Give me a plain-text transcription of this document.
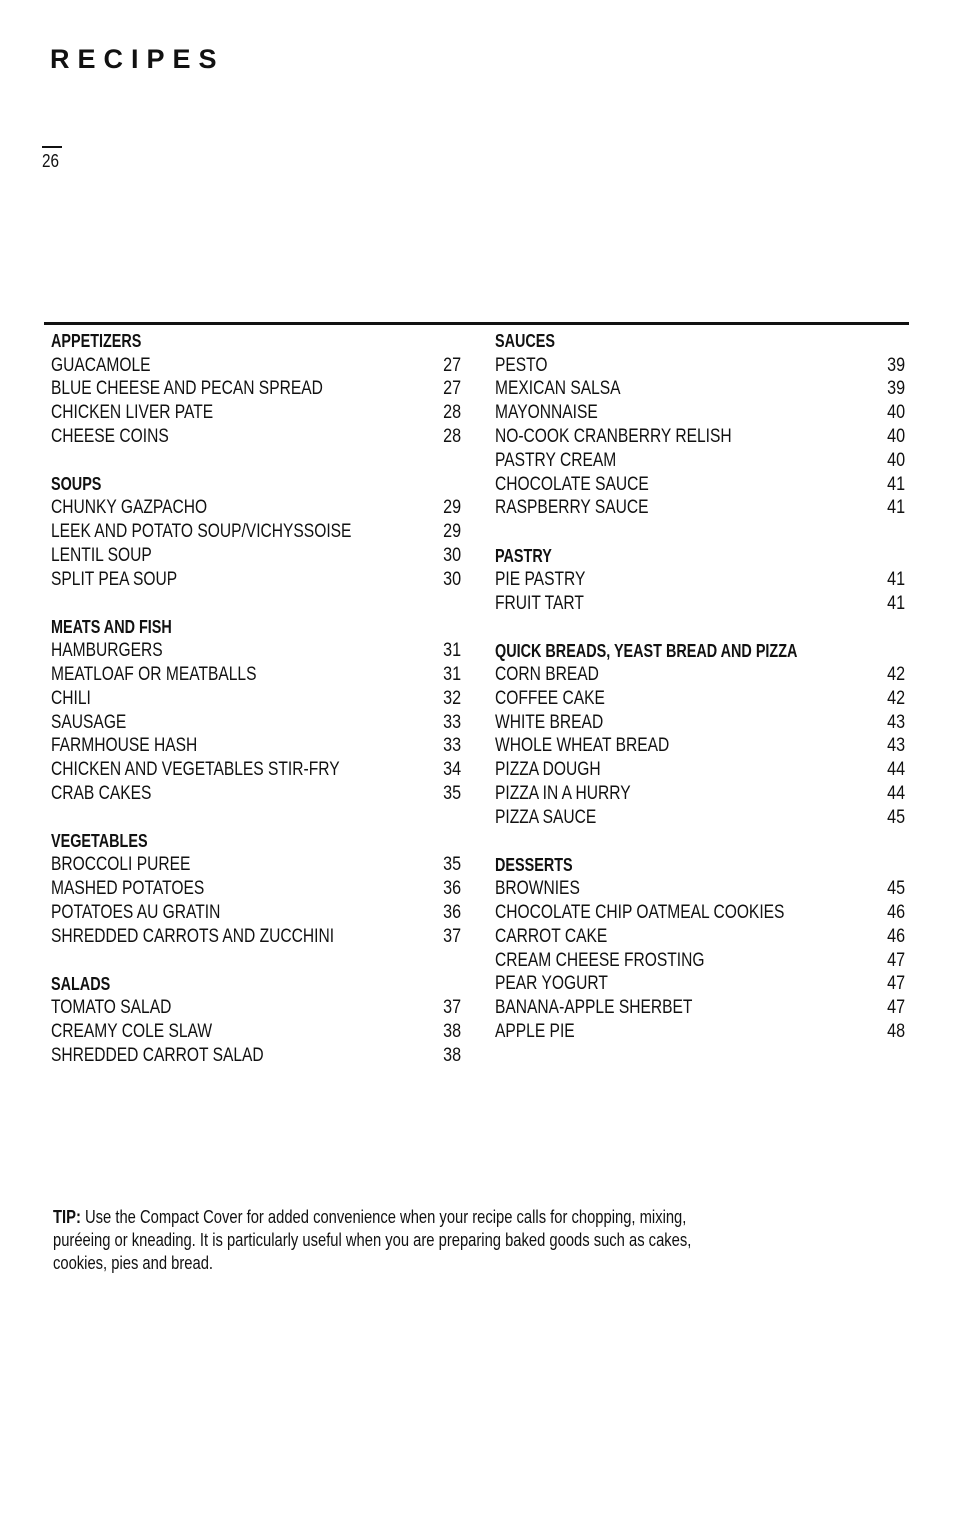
RECIPES
26
APPETIZERS
GUACAMOLE	27
BLUE CHEESE AND PECAN SPREAD	27
CHICKEN LIVER PATE	28
CHEESE COINS	28
SOUPS
CHUNKY GAZPACHO	29
LEEK AND POTATO SOUP/VICHYSSOISE	29
LENTIL SOUP	30
SPLIT PEA SOUP	30
MEATS AND FISH
HAMBURGERS	31
MEATLOAF OR MEATBALLS	31
CHILI	32
SAUSAGE	33
FARMHOUSE HASH	33
CHICKEN AND VEGETABLES STIR-FRY	34
CRAB CAKES	35
VEGETABLES
BROCCOLI PUREE	35
MASHED POTATOES	36
POTATOES AU GRATIN	36
SHREDDED CARROTS AND ZUCCHINI	37
SALADS
TOMATO SALAD	37
CREAMY COLE SLAW	38
SHREDDED CARROT SALAD	38
SAUCES
PESTO	39
MEXICAN SALSA	39
MAYONNAISE	40
NO-COOK CRANBERRY RELISH	40
PASTRY CREAM	40
CHOCOLATE SAUCE	41
RASPBERRY SAUCE	41
PASTRY
PIE PASTRY	41
FRUIT TART	41
QUICK BREADS, YEAST BREAD AND PIZZA
CORN BREAD	42
COFFEE CAKE	42
WHITE BREAD	43
WHOLE WHEAT BREAD	43
PIZZA DOUGH	44
PIZZA IN A HURRY	44
PIZZA SAUCE	45
DESSERTS
BROWNIES	45
CHOCOLATE CHIP OATMEAL COOKIES	46
CARROT CAKE	46
CREAM CHEESE FROSTING	47
PEAR YOGURT	47
BANANA-APPLE SHERBET	47
APPLE PIE	48
TIP: Use the Compact Cover for added convenience when your recipe calls for chopping, mixing,
puréeing or kneading. It is particularly useful when you are preparing baked goods such as cakes,
cookies, pies and bread.
